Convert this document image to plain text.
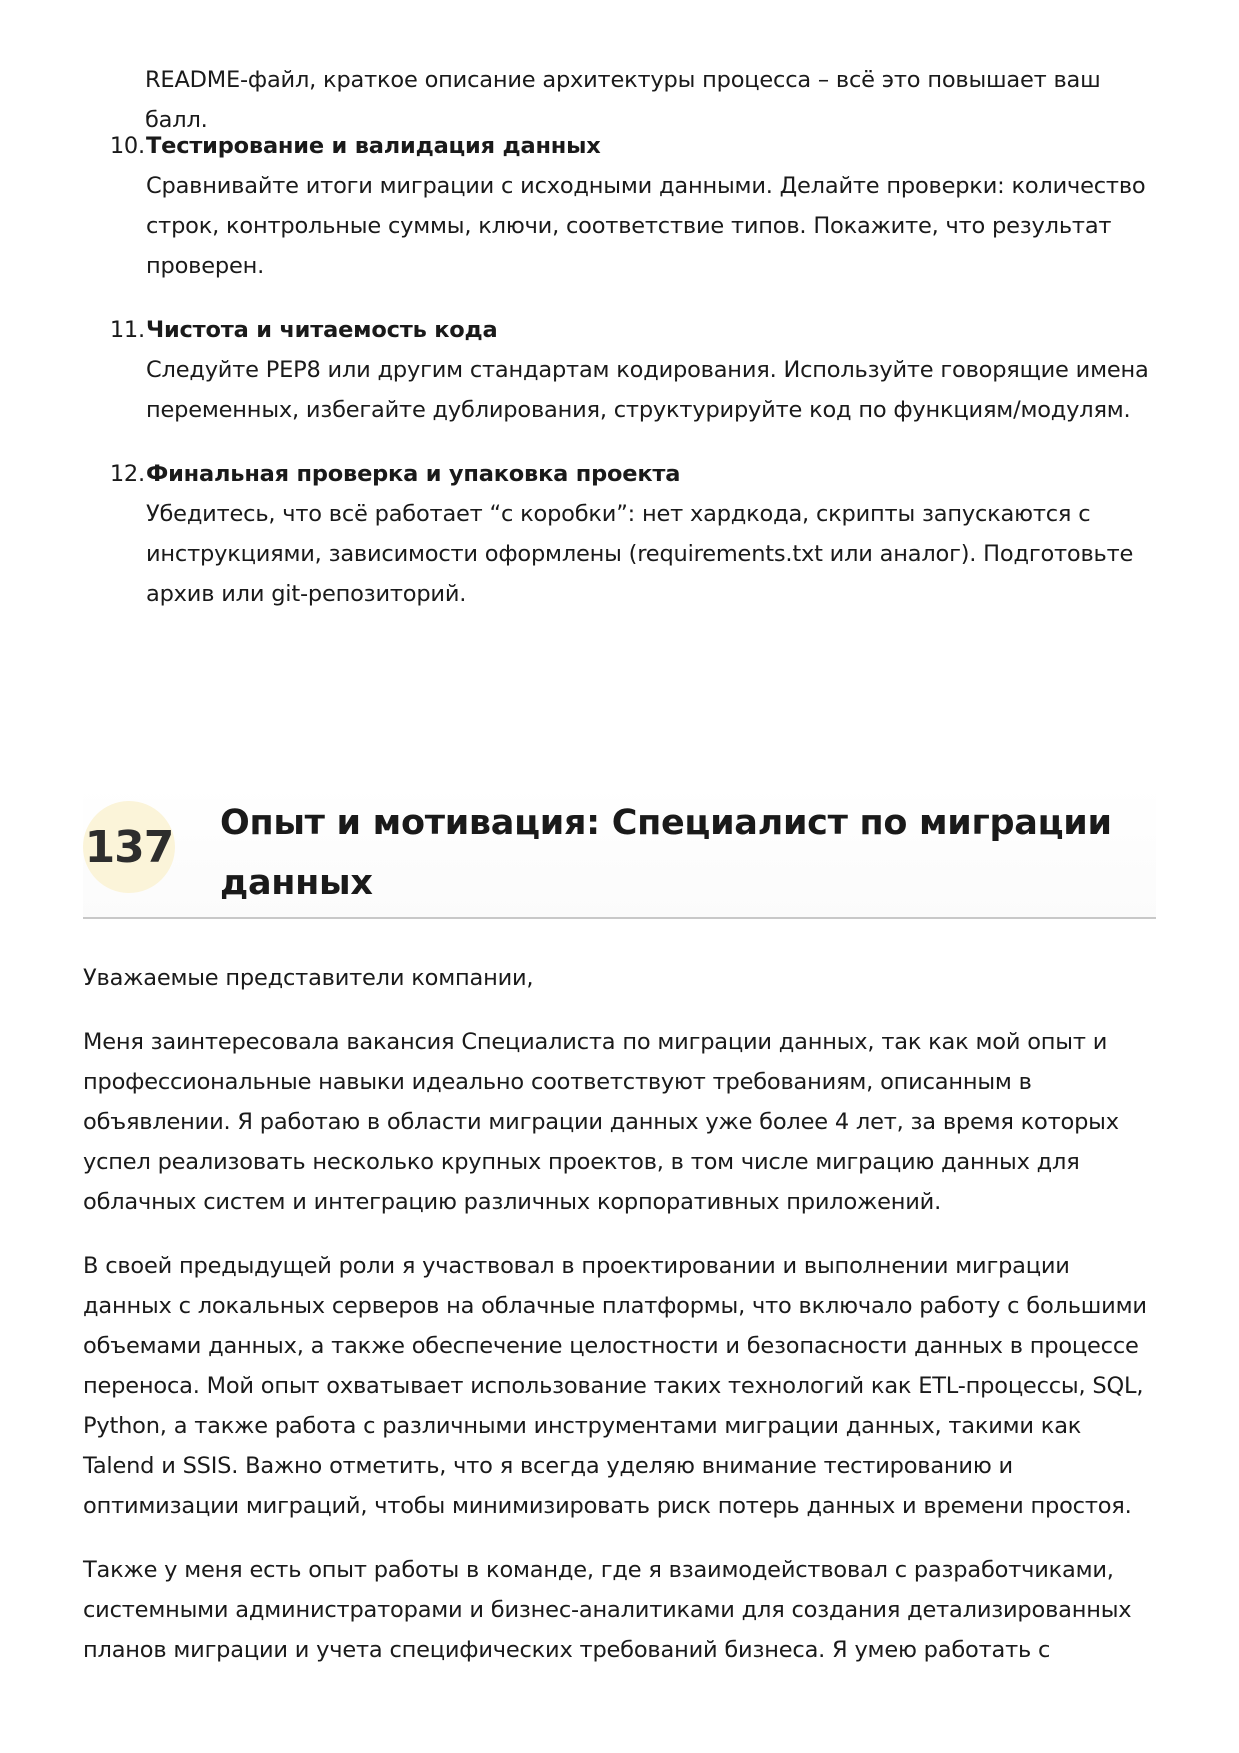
README-файл, краткое описание архитектуры процесса – всё это повышает ваш балл.

10. Тестирование и валидация данных
Сравнивайте итоги миграции с исходными данными. Делайте проверки: количество строк, контрольные суммы, ключи, соответствие типов. Покажите, что результат проверен.
11. Чистота и читаемость кода
Следуйте PEP8 или другим стандартам кодирования. Используйте говорящие имена переменных, избегайте дублирования, структурируйте код по функциям/модулям.
12. Финальная проверка и упаковка проекта
Убедитесь, что всё работает “с коробки”: нет хардкода, скрипты запускаются с инструкциями, зависимости оформлены (requirements.txt или аналог). Подготовьте архив или git-репозиторий.
137 Опыт и мотивация: Специалист по миграции данных

Уважаемые представители компании,

Меня заинтересовала вакансия Специалиста по миграции данных, так как мой опыт и профессиональные навыки идеально соответствуют требованиям, описанным в объявлении. Я работаю в области миграции данных уже более 4 лет, за время которых успел реализовать несколько крупных проектов, в том числе миграцию данных для облачных систем и интеграцию различных корпоративных приложений.

В своей предыдущей роли я участвовал в проектировании и выполнении миграции данных с локальных серверов на облачные платформы, что включало работу с большими объемами данных, а также обеспечение целостности и безопасности данных в процессе переноса. Мой опыт охватывает использование таких технологий как ETL-процессы, SQL, Python, а также работа с различными инструментами миграции данных, такими как Talend и SSIS. Важно отметить, что я всегда уделяю внимание тестированию и оптимизации миграций, чтобы минимизировать риск потерь данных и времени простоя.

Также у меня есть опыт работы в команде, где я взаимодействовал с разработчиками, системными администраторами и бизнес-аналитиками для создания детализированных планов миграции и учета специфических требований бизнеса. Я умею работать с
